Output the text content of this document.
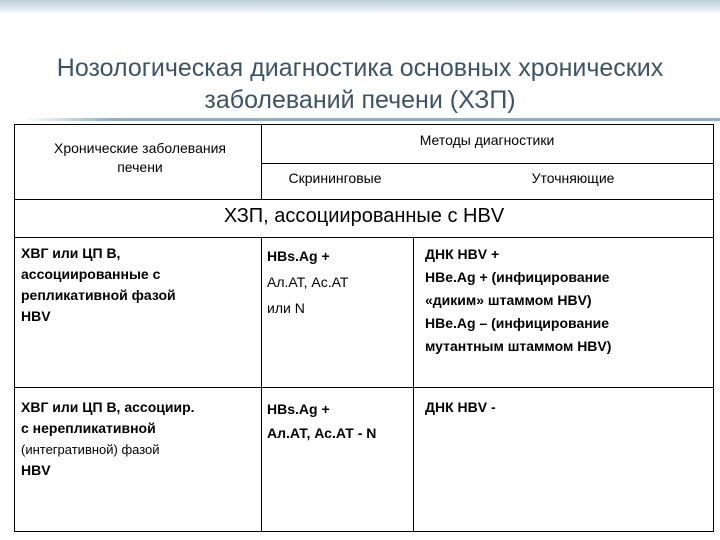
Нозологическая диагностика основных хронических
заболеваний печени (ХЗП)
Хронические заболевания печени
Методы диагностики
Скрининговые	Уточняющие
ХЗП, ассоциированные с HBV
ХВГ или ЦП В,
ассоциированные с
репликативной фазой
HBV
HBs.Ag +
Ал.АТ, Ас.АТ
или N
ДНК HBV +
HBe.Ag + (инфицирование
«диким» штаммом HBV)
HBe.Ag – (инфицирование
мутантным штаммом HBV)
ХВГ или ЦП В, ассоциир.
с нерепликативной
(интегративной) фазой
HBV
HBs.Ag +
Ал.АТ, Ас.АТ - N
ДНК HBV -
